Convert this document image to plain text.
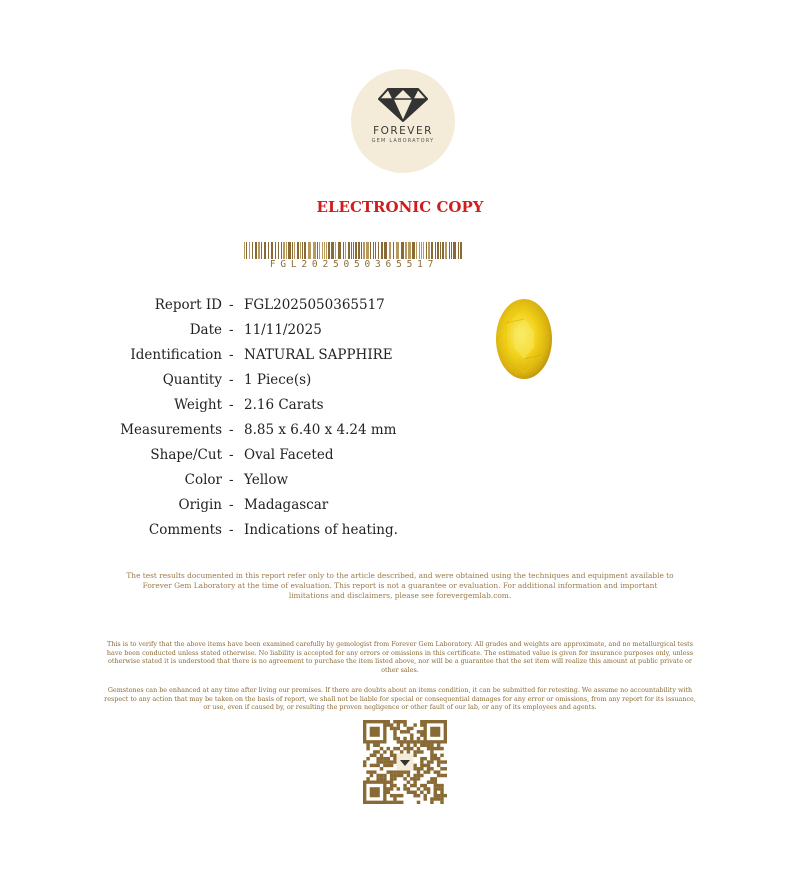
FOREVER
GEM LABORATORY
ELECTRONIC COPY
FGL2025050365517
Report ID - FGL2025050365517
Date - 11/11/2025
Identification - NATURAL SAPPHIRE
Quantity - 1 Piece(s)
Weight - 2.16 Carats
Measurements - 8.85 x 6.40 x 4.24 mm
Shape/Cut - Oval Faceted
Color - Yellow
Origin - Madagascar
Comments - Indications of heating.
The test results documented in this report refer only to the article described, and were obtained using the techniques and equipment available to Forever Gem Laboratory at the time of evaluation. This report is not a guarantee or evaluation. For additional information and important limitations and disclaimers, please see forevergemlab.com.
This is to verify that the above items have been examined carefully by gemologist from Forever Gem Laboratory. All grades and weights are approximate, and no metallurgical tests have been conducted unless stated otherwise. No liability is accepted for any errors or omissions in this certificate. The estimated value is given for insurance purposes only, unless otherwise stated it is understood that there is no agreement to purchase the item listed above, nor will be a guarantee that the set item will realize this amount at public private or other sales.
Gemstones can be enhanced at any time after living our premises. If there are doubts about an items condition, it can be submitted for retesting. We assume no accountability with respect to any action that may be taken on the basis of report, we shall not be liable for special or consequential damages for any error or omissions, from any report for its issuance, or use, even if caused by, or resulting the proven negligence or other fault of our lab, or any of its employees and agents.
